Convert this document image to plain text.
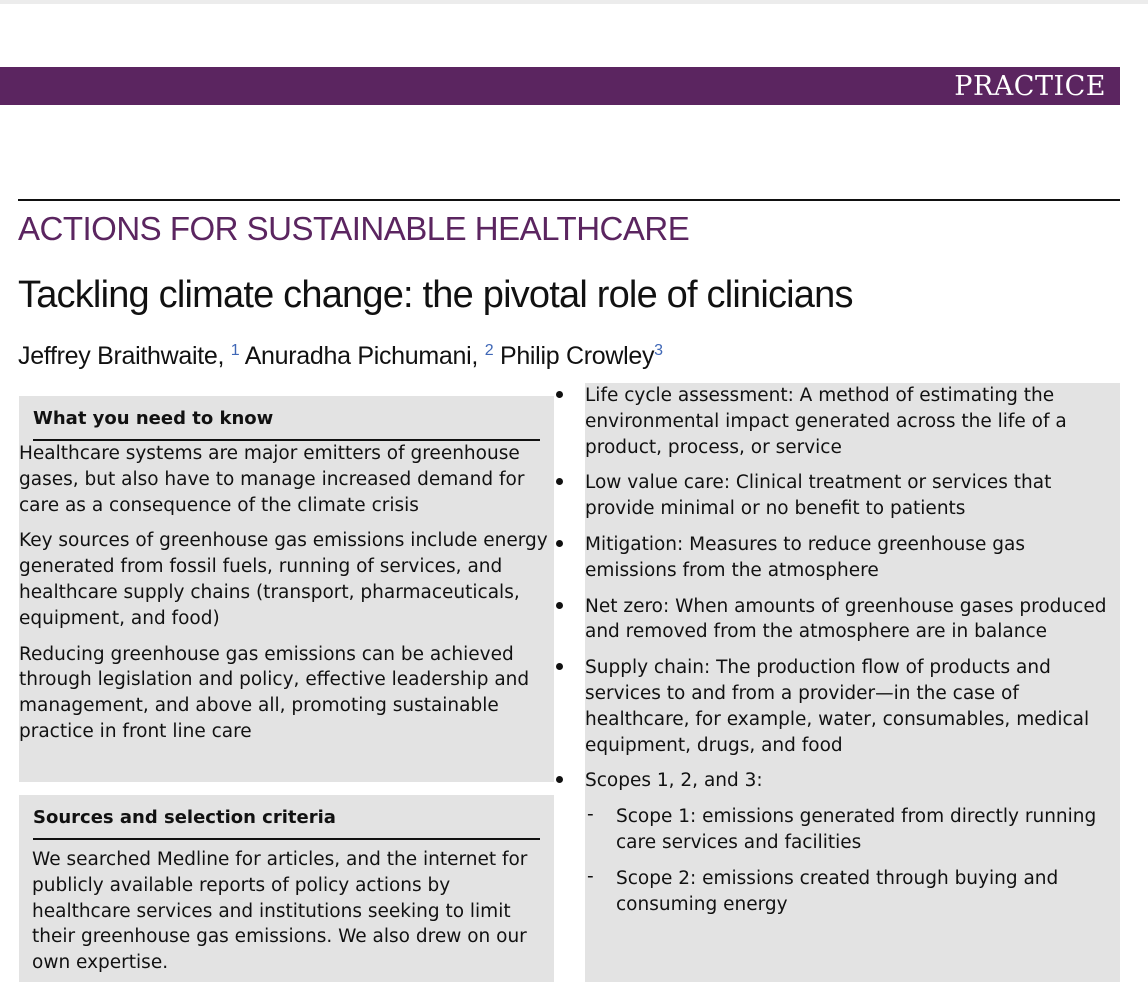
PRACTICE
ACTIONS FOR SUSTAINABLE HEALTHCARE
Tackling climate change: the pivotal role of clinicians
Jeffrey Braithwaite, $^1$ Anuradha Pichumani, $^2$ Philip Crowley$^3$
What you need to know
Healthcare systems are major emitters of greenhouse gases, but also have to manage increased demand for care as a consequence of the climate crisis
Key sources of greenhouse gas emissions include energy generated from fossil fuels, running of services, and healthcare supply chains (transport, pharmaceuticals, equipment, and food)
Reducing greenhouse gas emissions can be achieved through legislation and policy, effective leadership and management, and above all, promoting sustainable practice in front line care
Sources and selection criteria
We searched Medline for articles, and the internet for publicly available reports of policy actions by healthcare services and institutions seeking to limit their greenhouse gas emissions. We also drew on our own expertise.
Life cycle assessment: A method of estimating the environmental impact generated across the life of a product, process, or service
Low value care: Clinical treatment or services that provide minimal or no benefit to patients
Mitigation: Measures to reduce greenhouse gas emissions from the atmosphere
Net zero: When amounts of greenhouse gases produced and removed from the atmosphere are in balance
Supply chain: The production flow of products and services to and from a provider—in the case of healthcare, for example, water, consumables, medical equipment, drugs, and food
Scopes 1, 2, and 3:
- Scope 1: emissions generated from directly running care services and facilities
- Scope 2: emissions created through buying and consuming energy
